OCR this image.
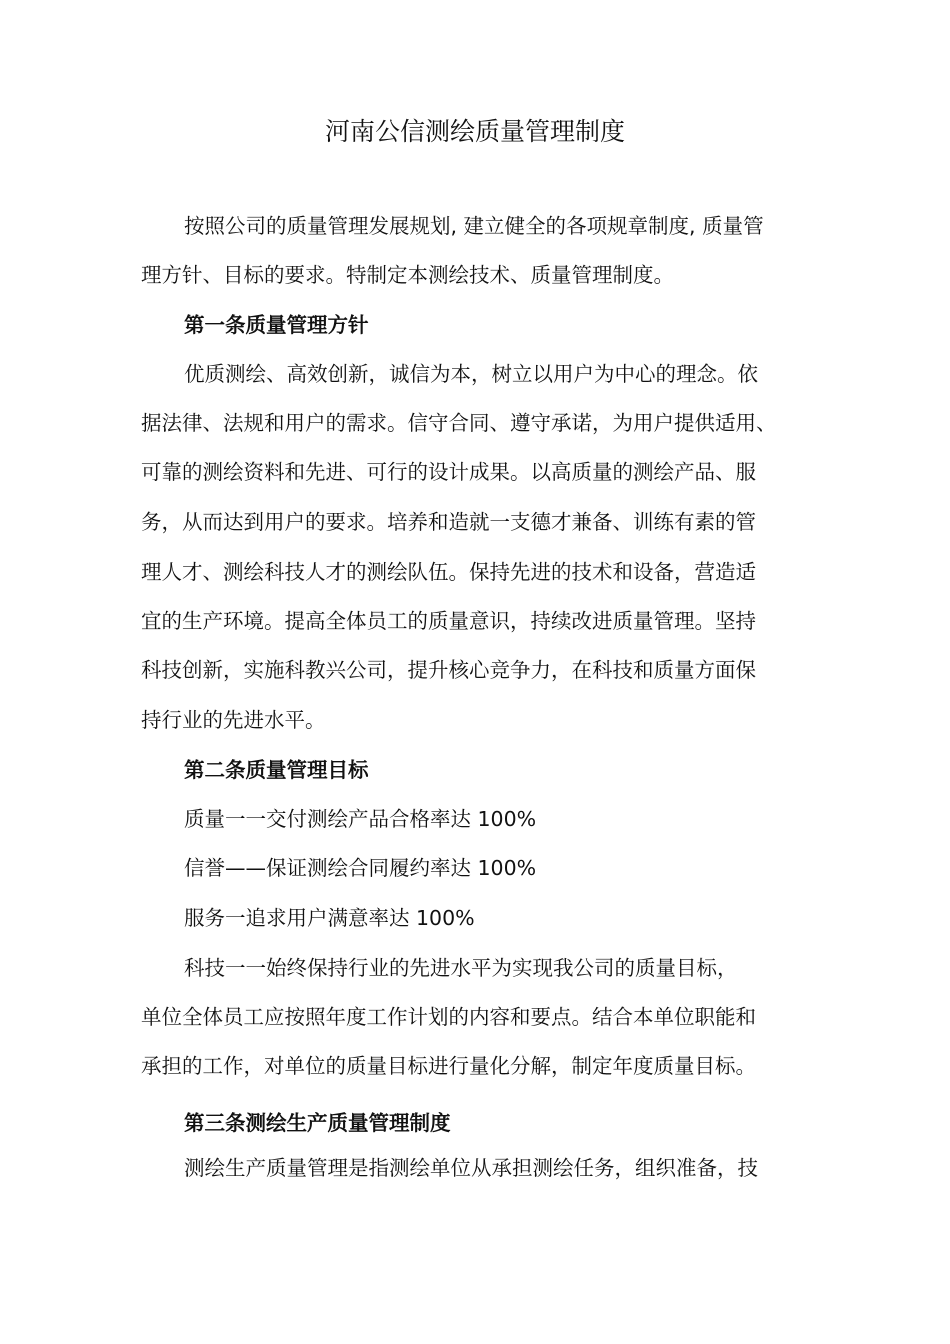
河南公信测绘质量管理制度

按照公司的质量管理发展规划, 建立健全的各项规章制度, 质量管

理方针、目标的要求。特制定本测绘技术、质量管理制度。

第一条质量管理方针

优质测绘、高效创新，诚信为本，树立以用户为中心的理念。依

据法律、法规和用户的需求。信守合同、遵守承诺，为用户提供适用、

可靠的测绘资料和先进、可行的设计成果。以高质量的测绘产品、服

务，从而达到用户的要求。培养和造就一支德才兼备、训练有素的管

理人才、测绘科技人才的测绘队伍。保持先进的技术和设备，营造适

宜的生产环境。提高全体员工的质量意识，持续改进质量管理。坚持

科技创新，实施科教兴公司，提升核心竞争力，在科技和质量方面保

持行业的先进水平。

第二条质量管理目标

质量一一交付测绘产品合格率达 100%

信誉——保证测绘合同履约率达 100%

服务一追求用户满意率达 100%

科技一一始终保持行业的先进水平为实现我公司的质量目标，

单位全体员工应按照年度工作计划的内容和要点。结合本单位职能和

承担的工作，对单位的质量目标进行量化分解，制定年度质量目标。

第三条测绘生产质量管理制度

测绘生产质量管理是指测绘单位从承担测绘任务，组织准备，技
